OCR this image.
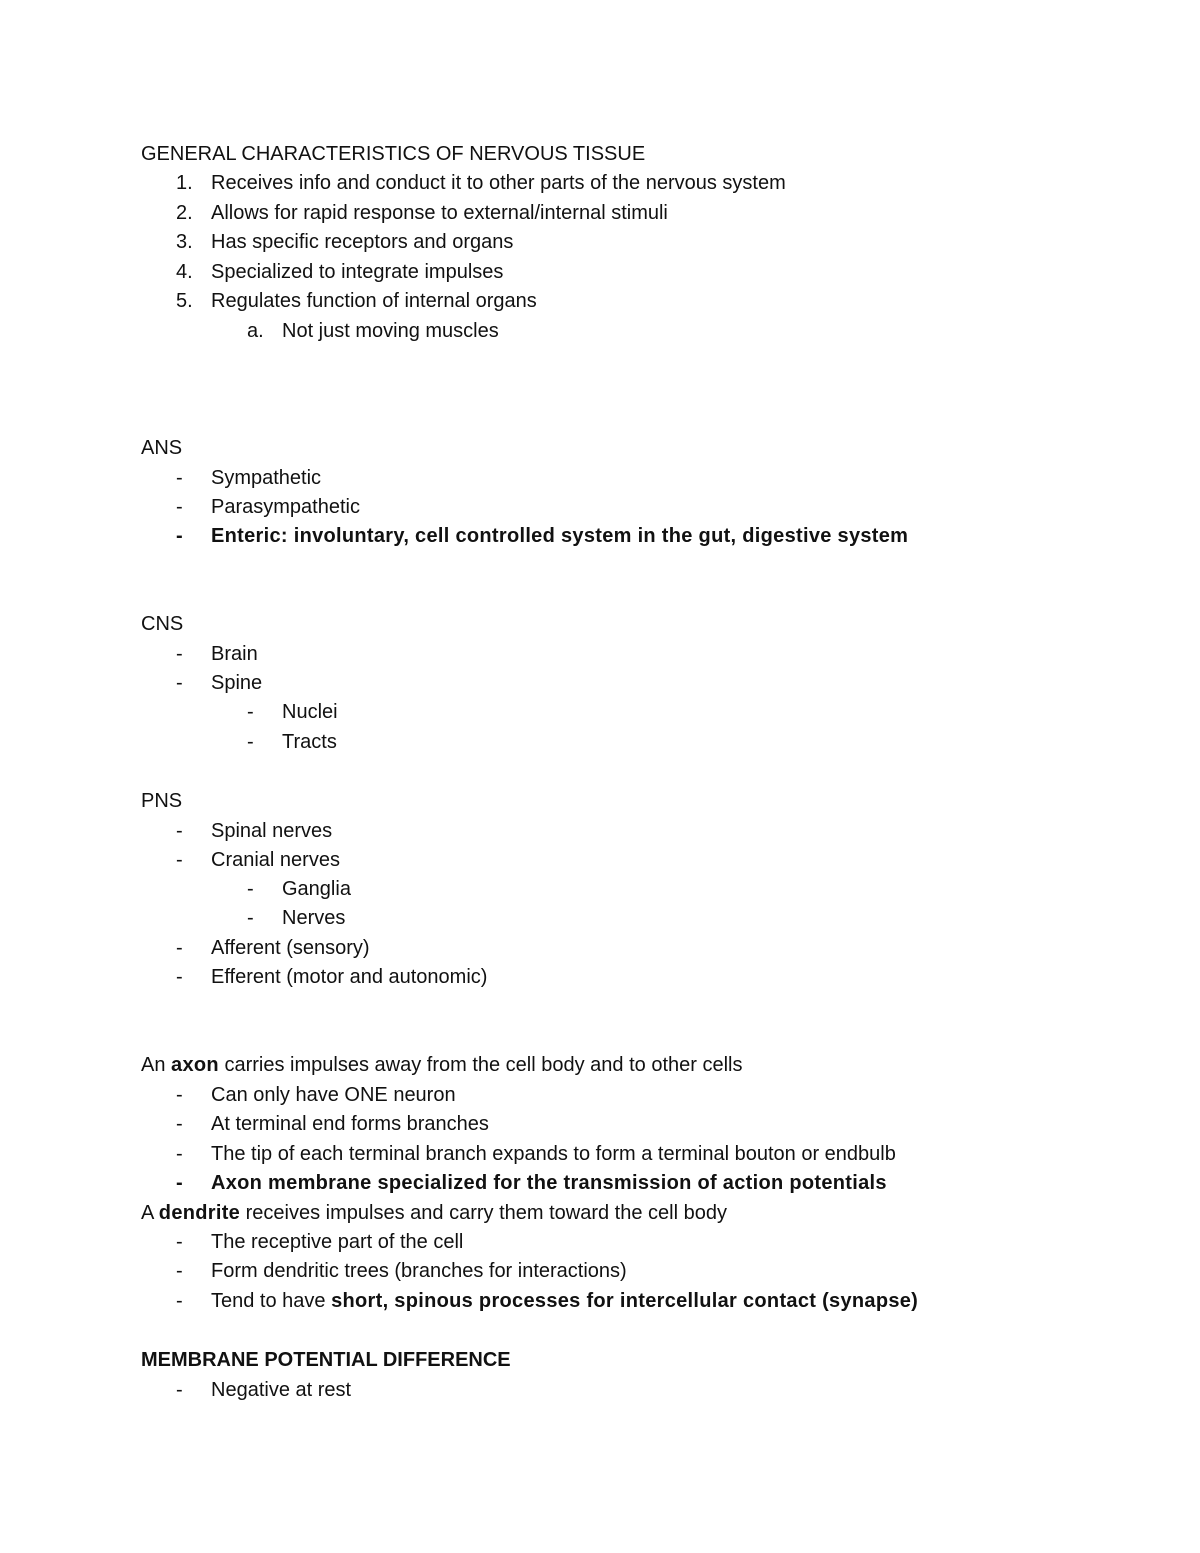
GENERAL CHARACTERISTICS OF NERVOUS TISSUE
1. Receives info and conduct it to other parts of the nervous system
2. Allows for rapid response to external/internal stimuli
3. Has specific receptors and organs
4. Specialized to integrate impulses
5. Regulates function of internal organs
a. Not just moving muscles
ANS
- Sympathetic
- Parasympathetic
- Enteric: involuntary, cell controlled system in the gut, digestive system
CNS
- Brain
- Spine
- Nuclei
- Tracts
PNS
- Spinal nerves
- Cranial nerves
- Ganglia
- Nerves
- Afferent (sensory)
- Efferent (motor and autonomic)
An axon carries impulses away from the cell body and to other cells
- Can only have ONE neuron
- At terminal end forms branches
- The tip of each terminal branch expands to form a terminal bouton or endbulb
- Axon membrane specialized for the transmission of action potentials
A dendrite receives impulses and carry them toward the cell body
- The receptive part of the cell
- Form dendritic trees (branches for interactions)
- Tend to have short, spinous processes for intercellular contact (synapse)
MEMBRANE POTENTIAL DIFFERENCE
- Negative at rest
